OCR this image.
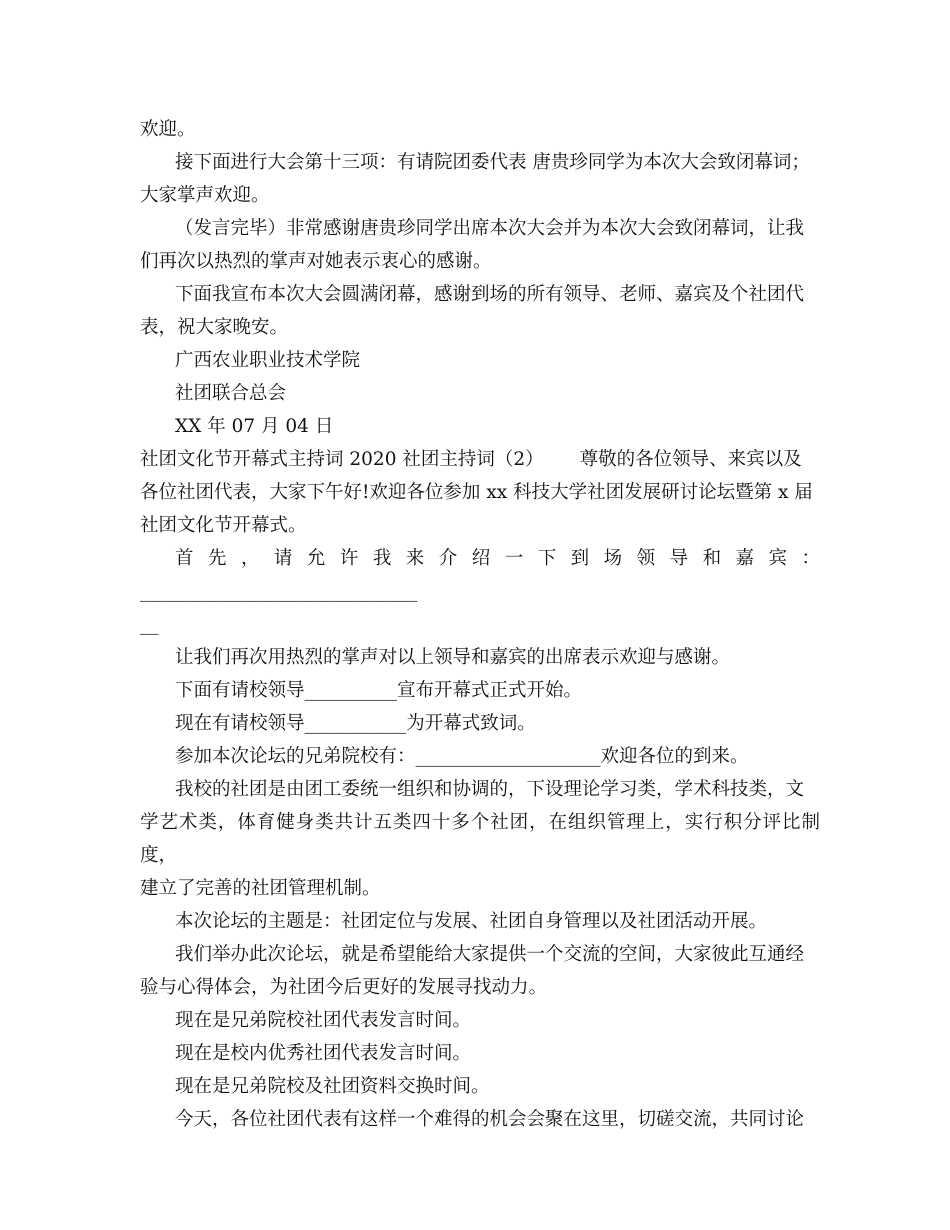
欢迎。

接下面进行大会第十三项：有请院团委代表 唐贵珍同学为本次大会致闭幕词；
大家掌声欢迎。

（发言完毕）非常感谢唐贵珍同学出席本次大会并为本次大会致闭幕词，让我
们再次以热烈的掌声对她表示衷心的感谢。

下面我宣布本次大会圆满闭幕，感谢到场的所有领导、老师、嘉宾及个社团代
表，祝大家晚安。

广西农业职业技术学院

社团联合总会

XX 年 07 月 04 日

社团文化节开幕式主持词 2020 社团主持词（2） 尊敬的各位领导、来宾以及

各位社团代表，大家下午好!欢迎各位参加 xx 科技大学社团发展研讨论坛暨第 x 届
社团文化节开幕式。

首先，请允许我来介绍一下到场领导和嘉宾：______________________________
__

让我们再次用热烈的掌声对以上领导和嘉宾的出席表示欢迎与感谢。

下面有请校领导__________宣布开幕式正式开始。

现在有请校领导___________为开幕式致词。

参加本次论坛的兄弟院校有：____________________欢迎各位的到来。

我校的社团是由团工委统一组织和协调的，下设理论学习类，学术科技类，文
学艺术类，体育健身类共计五类四十多个社团，在组织管理上，实行积分评比制度，
建立了完善的社团管理机制。

本次论坛的主题是：社团定位与发展、社团自身管理以及社团活动开展。

我们举办此次论坛，就是希望能给大家提供一个交流的空间，大家彼此互通经
验与心得体会，为社团今后更好的发展寻找动力。

现在是兄弟院校社团代表发言时间。

现在是校内优秀社团代表发言时间。

现在是兄弟院校及社团资料交换时间。

今天，各位社团代表有这样一个难得的机会会聚在这里，切磋交流，共同讨论
